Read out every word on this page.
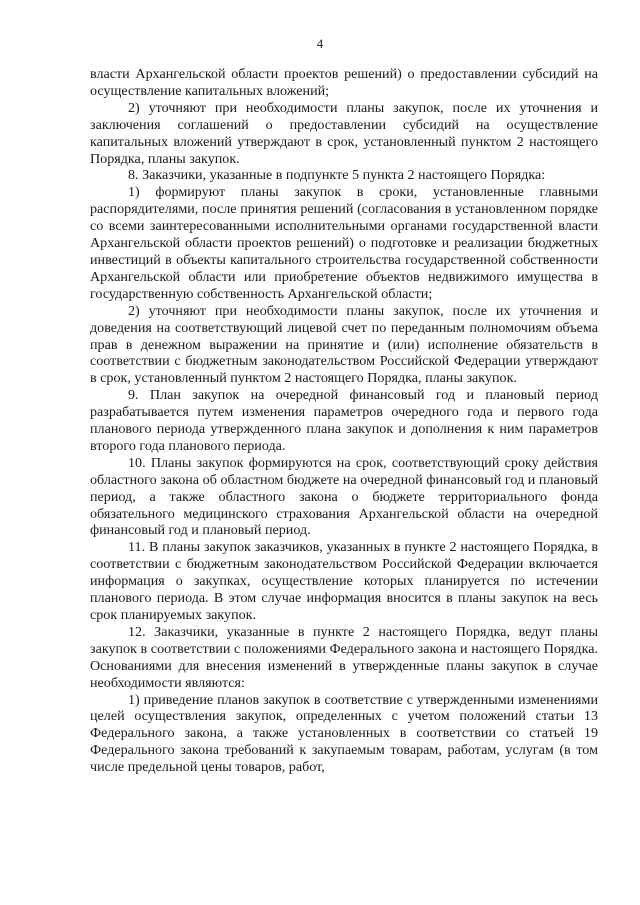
4

власти Архангельской области проектов решений) о предоставлении субсидий на осуществление капитальных вложений;

2) уточняют при необходимости планы закупок, после их уточнения и заключения соглашений о предоставлении субсидий на осуществление капитальных вложений утверждают в срок, установленный пунктом 2 настоящего Порядка, планы закупок.

8. Заказчики, указанные в подпункте 5 пункта 2 настоящего Порядка:

1) формируют планы закупок в сроки, установленные главными распорядителями, после принятия решений (согласования в установленном порядке со всеми заинтересованными исполнительными органами государственной власти Архангельской области проектов решений) о подготовке и реализации бюджетных инвестиций в объекты капитального строительства государственной собственности Архангельской области или приобретение объектов недвижимого имущества в государственную собственность Архангельской области;

2) уточняют при необходимости планы закупок, после их уточнения и доведения на соответствующий лицевой счет по переданным полномочиям объема прав в денежном выражении на принятие и (или) исполнение обязательств в соответствии с бюджетным законодательством Российской Федерации утверждают в срок, установленный пунктом 2 настоящего Порядка, планы закупок.

9. План закупок на очередной финансовый год и плановый период разрабатывается путем изменения параметров очередного года и первого года планового периода утвержденного плана закупок и дополнения к ним параметров второго года планового периода.

10. Планы закупок формируются на срок, соответствующий сроку действия областного закона об областном бюджете на очередной финансовый год и плановый период, а также областного закона о бюджете территориального фонда обязательного медицинского страхования Архангельской области на очередной финансовый год и плановый период.

11. В планы закупок заказчиков, указанных в пункте 2 настоящего Порядка, в соответствии с бюджетным законодательством Российской Федерации включается информация о закупках, осуществление которых планируется по истечении планового периода. В этом случае информация вносится в планы закупок на весь срок планируемых закупок.

12. Заказчики, указанные в пункте 2 настоящего Порядка, ведут планы закупок в соответствии с положениями Федерального закона и настоящего Порядка. Основаниями для внесения изменений в утвержденные планы закупок в случае необходимости являются:

1) приведение планов закупок в соответствие с утвержденными изменениями целей осуществления закупок, определенных с учетом положений статьи 13 Федерального закона, а также установленных в соответствии со статьей 19 Федерального закона требований к закупаемым товарам, работам, услугам (в том числе предельной цены товаров, работ,
